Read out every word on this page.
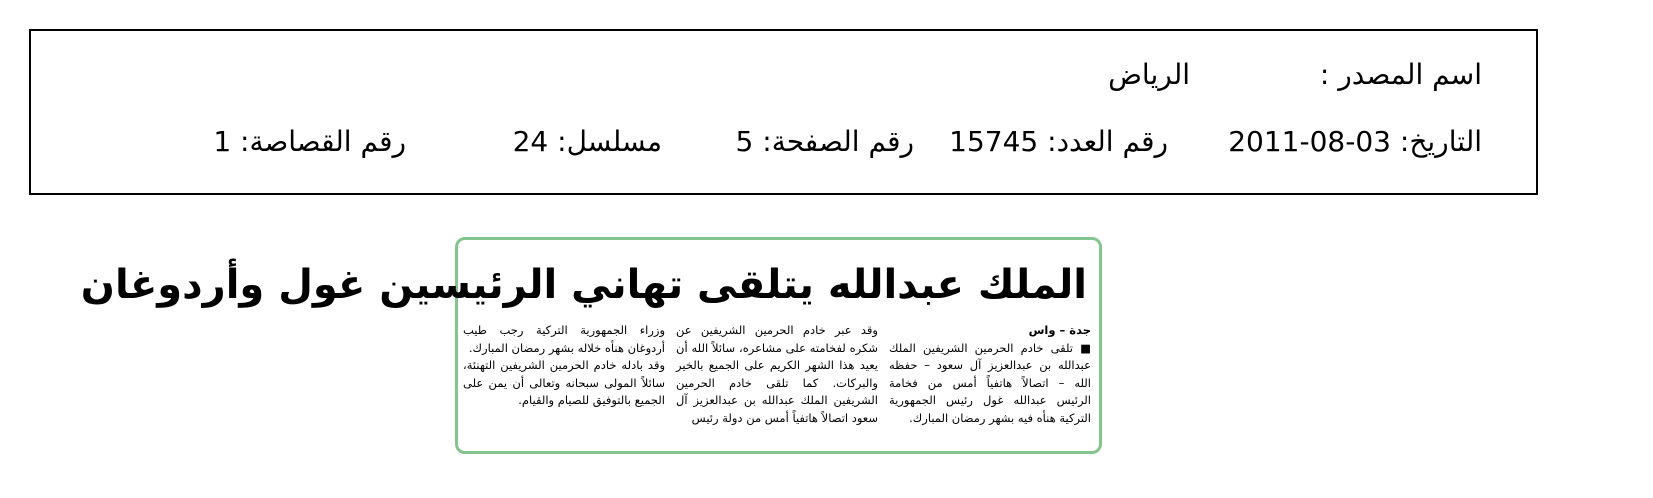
اسم المصدر :
الرياض
التاريخ: 03-08-2011
رقم العدد: 15745
رقم الصفحة: 5
مسلسل: 24
رقم القصاصة: 1
الملك عبدالله يتلقى تهاني الرئيسين غول وأردوغان

جدة – واس

■ تلقى خادم الحرمين الشريفين الملك عبدالله بن عبدالعزيز آل سعود – حفظه الله – اتصالاً هاتفياً أمس من فخامة الرئيس عبدالله غول رئيس الجمهورية التركية هنأه فيه بشهر رمضان المبارك.

وقد عبر خادم الحرمين الشريفين عن شكره لفخامته على مشاعره، سائلاً الله أن يعيد هذا الشهر الكريم على الجميع بالخير والبركات. كما تلقى خادم الحرمين الشريفين الملك عبدالله بن عبدالعزيز آل سعود اتصالاً هاتفياً أمس من دولة رئيس

وزراء الجمهورية التركية رجب طيب أردوغان هنأه خلاله بشهر رمضان المبارك.

وقد بادله خادم الحرمين الشريفين التهنئة، سائلاً المولى سبحانه وتعالى أن يمن على الجميع بالتوفيق للصيام والقيام.
